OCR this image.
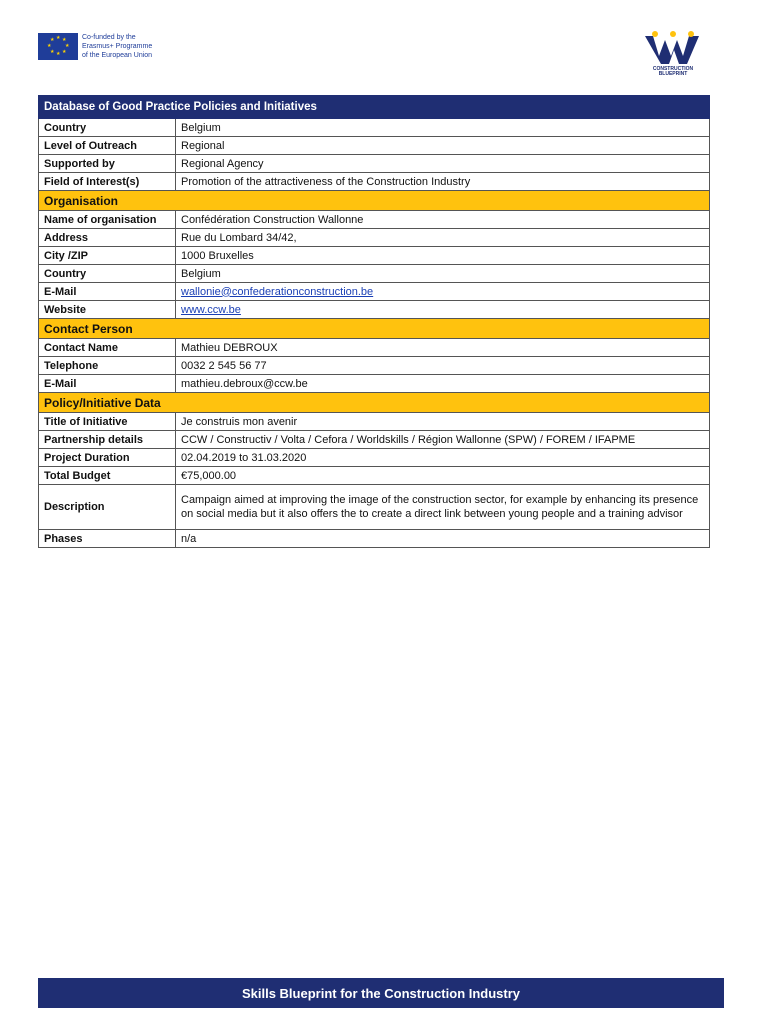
★ ★
★
★
★
★
★
★	Co-funded by the
Erasmus+ Programme
of the European Union
CONSTRUCTION
BLUEPRINT
Database of Good Practice Policies and Initiatives	
Country	Belgium
Level of Outreach	Regional
Supported by	Regional Agency
Field of Interest(s)	Promotion of the attractiveness of the Construction Industry
Organisation	
Name of organisation	Confédération Construction Wallonne
Address	Rue du Lombard 34/42,
City /ZIP	1000 Bruxelles
Country	Belgium
E-Mail	wallonie@confederationconstruction.be
Website	www.ccw.be
Contact Person	
Contact Name	Mathieu DEBROUX
Telephone	0032 2 545 56 77
E-Mail	mathieu.debroux@ccw.be
Policy/Initiative Data	
Title of Initiative	Je construis mon avenir
Partnership details	CCW / Constructiv / Volta / Cefora / Worldskills / Région Wallonne (SPW) / FOREM / IFAPME
Project Duration	02.04.2019 to 31.03.2020
Total Budget	€75,000.00
Description	Campaign aimed at improving the image of the construction sector, for example by enhancing its presence on social media but it also offers the to create a direct link between young people and a training advisor
Phases	n/a
Skills Blueprint for the Construction Industry
